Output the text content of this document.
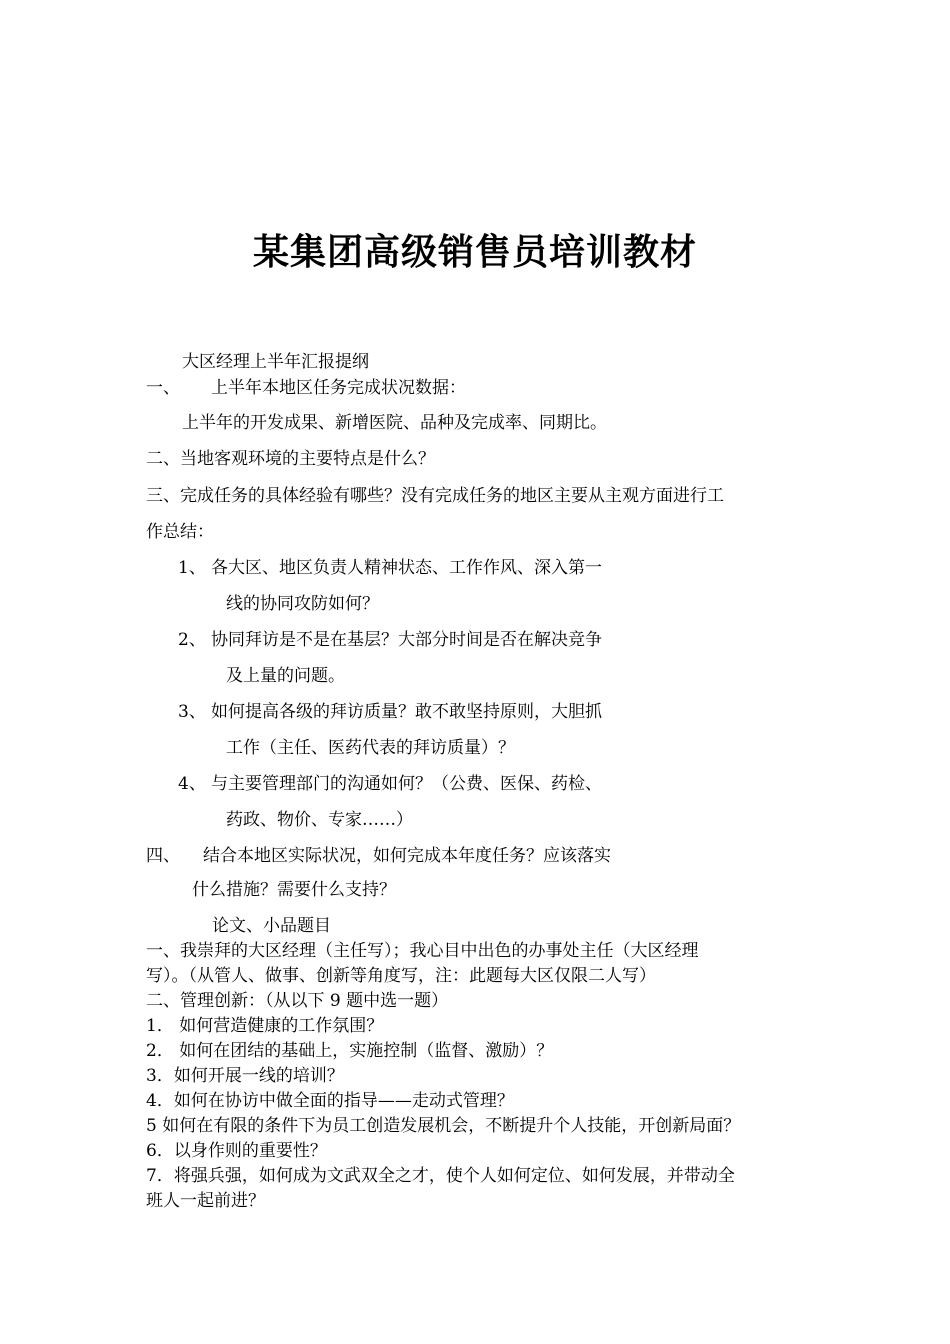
某集团高级销售员培训教材
大区经理上半年汇报提纲
一、 上半年本地区任务完成状况数据：
上半年的开发成果、新增医院、品种及完成率、同期比。
二、当地客观环境的主要特点是什么？
三、完成任务的具体经验有哪些？没有完成任务的地区主要从主观方面进行工
作总结：
1、 各大区、地区负责人精神状态、工作作风、深入第一
线的协同攻防如何？
2、 协同拜访是不是在基层？大部分时间是否在解决竞争
及上量的问题。
3、 如何提高各级的拜访质量？敢不敢坚持原则，大胆抓
工作（主任、医药代表的拜访质量）？
4、 与主要管理部门的沟通如何？（公费、医保、药检、
药政、物价、专家……）
四、 结合本地区实际状况，如何完成本年度任务？应该落实
什么措施？需要什么支持？
论文、小品题目
一、我崇拜的大区经理（主任写）；我心目中出色的办事处主任（大区经理
写）。（从管人、做事、创新等角度写，注：此题每大区仅限二人写）
二、管理创新：（从以下 9 题中选一题）
1． 如何营造健康的工作氛围？
2． 如何在团结的基础上，实施控制（监督、激励）？
3．如何开展一线的培训？
4．如何在协访中做全面的指导——走动式管理？
5 如何在有限的条件下为员工创造发展机会，不断提升个人技能，开创新局面？
6．以身作则的重要性？
7．将强兵强，如何成为文武双全之才，使个人如何定位、如何发展，并带动全
班人一起前进？
